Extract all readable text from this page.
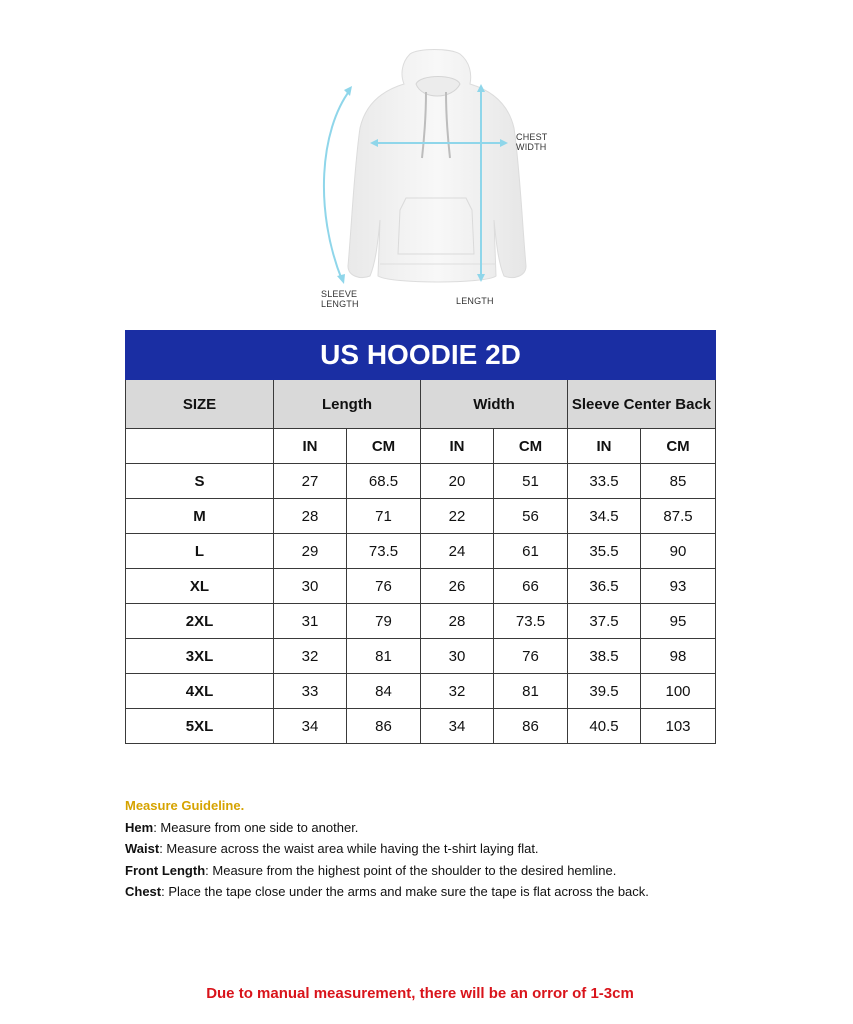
CHEST WIDTH
SLEEVE LENGTH	LENGTH
US HOODIE 2D						
SIZE	Length		Width		Sleeve Center Back	
	IN	CM	IN	CM	IN	CM
S	27	68.5	20	51	33.5	85
M	28	71	22	56	34.5	87.5
L	29	73.5	24	61	35.5	90
XL	30	76	26	66	36.5	93
2XL	31	79	28	73.5	37.5	95
3XL	32	81	30	76	38.5	98
4XL	33	84	32	81	39.5	100
5XL	34	86	34	86	40.5	103
Measure Guideline.
Hem: Measure from one side to another.
Waist: Measure across the waist area while having the t-shirt laying flat.
Front Length: Measure from the highest point of the shoulder to the desired hemline.
Chest: Place the tape close under the arms and make sure the tape is flat across the back.
Due to manual measurement, there will be an orror of 1-3cm
